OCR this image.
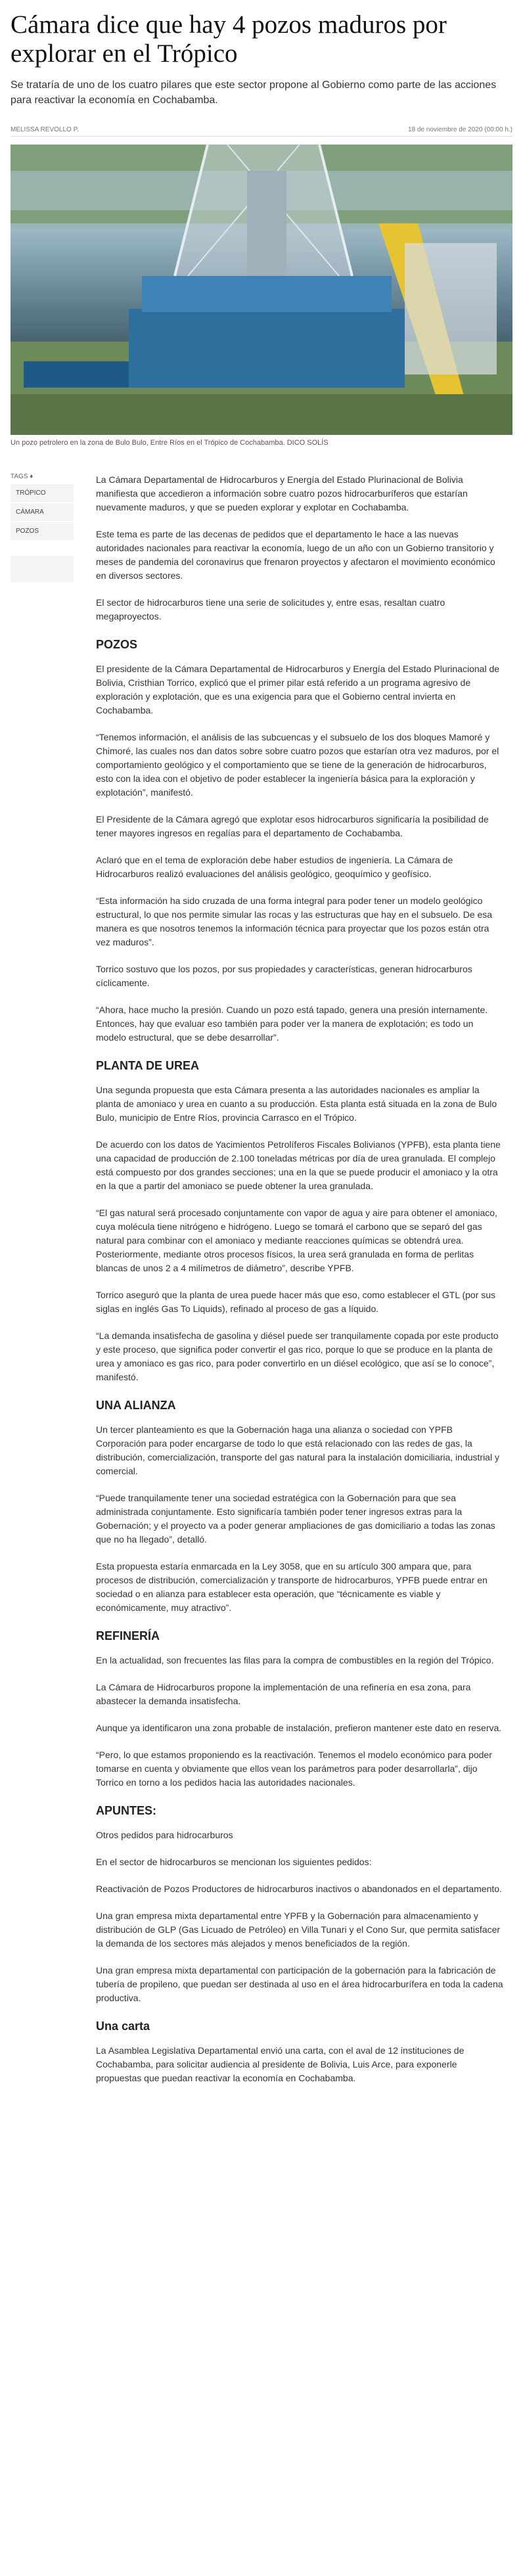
Cámara dice que hay 4 pozos maduros por explorar en el Trópico

Se trataría de uno de los cuatro pilares que este sector propone al Gobierno como parte de las acciones para reactivar la economía en Cochabamba.

MELISSA REVOLLO P.	18 de noviembre de 2020 (00:00 h.)
Un pozo petrolero en la zona de Bulo Bulo, Entre Ríos en el Trópico de Cochabamba. DICO SOLÍS
TAGS ♦
TRÓPICO
CÁMARA
POZOS

La Cámara Departamental de Hidrocarburos y Energía del Estado Plurinacional de Bolivia manifiesta que accedieron a información sobre cuatro pozos hidrocarburíferos que estarían nuevamente maduros, y que se pueden explorar y explotar en Cochabamba.

Este tema es parte de las decenas de pedidos que el departamento le hace a las nuevas autoridades nacionales para reactivar la economía, luego de un año con un Gobierno transitorio y meses de pandemia del coronavirus que frenaron proyectos y afectaron el movimiento económico en diversos sectores.

El sector de hidrocarburos tiene una serie de solicitudes y, entre esas, resaltan cuatro megaproyectos.

POZOS

El presidente de la Cámara Departamental de Hidrocarburos y Energía del Estado Plurinacional de Bolivia, Cristhian Torrico, explicó que el primer pilar está referido a un programa agresivo de exploración y explotación, que es una exigencia para que el Gobierno central invierta en Cochabamba.

“Tenemos información, el análisis de las subcuencas y el subsuelo de los dos bloques Mamoré y Chimoré, las cuales nos dan datos sobre sobre cuatro pozos que estarían otra vez maduros, por el comportamiento geológico y el comportamiento que se tiene de la generación de hidrocarburos, esto con la idea con el objetivo de poder establecer la ingeniería básica para la exploración y explotación”, manifestó.

El Presidente de la Cámara agregó que explotar esos hidrocarburos significaría la posibilidad de tener mayores ingresos en regalías para el departamento de Cochabamba.

Aclaró que en el tema de exploración debe haber estudios de ingeniería. La Cámara de Hidrocarburos realizó evaluaciones del análisis geológico, geoquímico y geofísico.

“Esta información ha sido cruzada de una forma integral para poder tener un modelo geológico estructural, lo que nos permite simular las rocas y las estructuras que hay en el subsuelo. De esa manera es que nosotros tenemos la información técnica para proyectar que los pozos están otra vez maduros”.

Torrico sostuvo que los pozos, por sus propiedades y características, generan hidrocarburos cíclicamente.

“Ahora, hace mucho la presión. Cuando un pozo está tapado, genera una presión internamente. Entonces, hay que evaluar eso también para poder ver la manera de explotación; es todo un modelo estructural, que se debe desarrollar”.

PLANTA DE UREA

Una segunda propuesta que esta Cámara presenta a las autoridades nacionales es ampliar la planta de amoniaco y urea en cuanto a su producción. Esta planta está situada en la zona de Bulo Bulo, municipio de Entre Ríos, provincia Carrasco en el Trópico.

De acuerdo con los datos de Yacimientos Petrolíferos Fiscales Bolivianos (YPFB), esta planta tiene una capacidad de producción de 2.100 toneladas métricas por día de urea granulada. El complejo está compuesto por dos grandes secciones; una en la que se puede producir el amoniaco y la otra en la que a partir del amoniaco se puede obtener la urea granulada.

“El gas natural será procesado conjuntamente con vapor de agua y aire para obtener el amoniaco, cuya molécula tiene nitrógeno e hidrógeno. Luego se tomará el carbono que se separó del gas natural para combinar con el amoniaco y mediante reacciones químicas se obtendrá urea. Posteriormente, mediante otros procesos físicos, la urea será granulada en forma de perlitas blancas de unos 2 a 4 milímetros de diámetro”, describe YPFB.

Torrico aseguró que la planta de urea puede hacer más que eso, como establecer el GTL (por sus siglas en inglés Gas To Liquids), refinado al proceso de gas a líquido.

“La demanda insatisfecha de gasolina y diésel puede ser tranquilamente copada por este producto y este proceso, que significa poder convertir el gas rico, porque lo que se produce en la planta de urea y amoniaco es gas rico, para poder convertirlo en un diésel ecológico, que así se lo conoce”, manifestó.

UNA ALIANZA

Un tercer planteamiento es que la Gobernación haga una alianza o sociedad con YPFB Corporación para poder encargarse de todo lo que está relacionado con las redes de gas, la distribución, comercialización, transporte del gas natural para la instalación domiciliaria, industrial y comercial.

“Puede tranquilamente tener una sociedad estratégica con la Gobernación para que sea administrada conjuntamente. Esto significaría también poder tener ingresos extras para la Gobernación; y el proyecto va a poder generar ampliaciones de gas domiciliario a todas las zonas que no ha llegado”, detalló.

Esta propuesta estaría enmarcada en la Ley 3058, que en su artículo 300 ampara que, para procesos de distribución, comercialización y transporte de hidrocarburos, YPFB puede entrar en sociedad o en alianza para establecer esta operación, que “técnicamente es viable y económicamente, muy atractivo”.

REFINERÍA

En la actualidad, son frecuentes las filas para la compra de combustibles en la región del Trópico.

La Cámara de Hidrocarburos propone la implementación de una refinería en esa zona, para abastecer la demanda insatisfecha.

Aunque ya identificaron una zona probable de instalación, prefieron mantener este dato en reserva.

“Pero, lo que estamos proponiendo es la reactivación. Tenemos el modelo económico para poder tomarse en cuenta y obviamente que ellos vean los parámetros para poder desarrollarla”, dijo Torrico en torno a los pedidos hacia las autoridades nacionales.

APUNTES:

Otros pedidos para hidrocarburos

En el sector de hidrocarburos se mencionan los siguientes pedidos:

Reactivación de Pozos Productores de hidrocarburos inactivos o abandonados en el departamento.

Una gran empresa mixta departamental entre YPFB y la Gobernación para almacenamiento y distribución de GLP (Gas Licuado de Petróleo) en Villa Tunari y el Cono Sur, que permita satisfacer la demanda de los sectores más alejados y menos beneficiados de la región.

Una gran empresa mixta departamental con participación de la gobernación para la fabricación de tubería de propileno, que puedan ser destinada al uso en el área hidrocarburífera en toda la cadena productiva.

Una carta

La Asamblea Legislativa Departamental envió una carta, con el aval de 12 instituciones de Cochabamba, para solicitar audiencia al presidente de Bolivia, Luis Arce, para exponerle propuestas que puedan reactivar la economía en Cochabamba.
